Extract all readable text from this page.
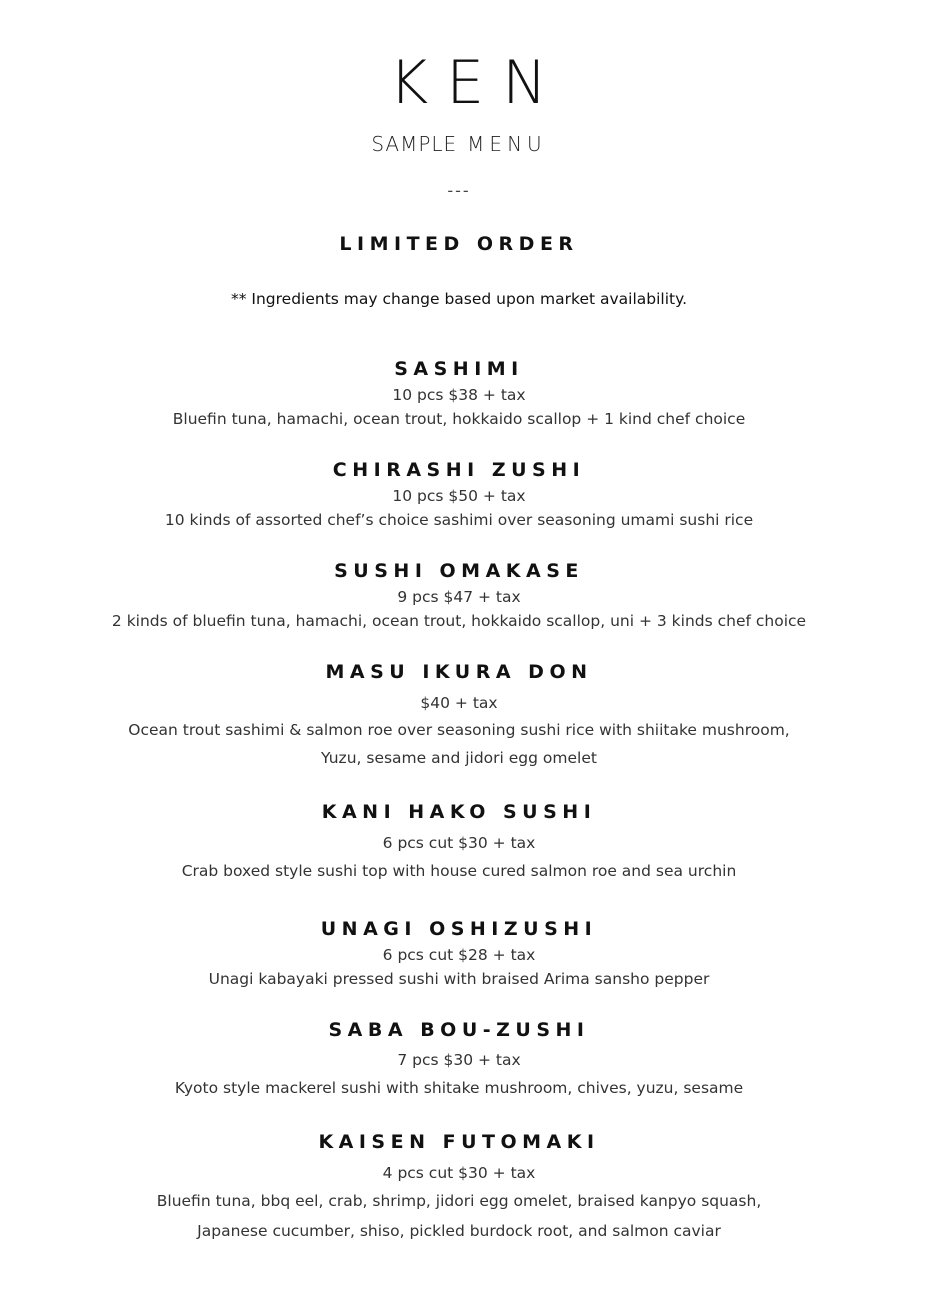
KEN
SAMPLE MENU
---
LIMITED ORDER
** Ingredients may change based upon market availability.
SASHIMI
10 pcs $38 + tax
Bluefin tuna, hamachi, ocean trout, hokkaido scallop + 1 kind chef choice
CHIRASHI ZUSHI
10 pcs $50 + tax
10 kinds of assorted chef’s choice sashimi over seasoning umami sushi rice
SUSHI OMAKASE
9 pcs $47 + tax
2 kinds of bluefin tuna, hamachi, ocean trout, hokkaido scallop, uni + 3 kinds chef choice
MASU IKURA DON
$40 + tax
Ocean trout sashimi & salmon roe over seasoning sushi rice with shiitake mushroom,
Yuzu, sesame and jidori egg omelet
KANI HAKO SUSHI
6 pcs cut $30 + tax
Crab boxed style sushi top with house cured salmon roe and sea urchin
UNAGI OSHIZUSHI
6 pcs cut $28 + tax
Unagi kabayaki pressed sushi with braised Arima sansho pepper
SABA BOU-ZUSHI
7 pcs $30 + tax
Kyoto style mackerel sushi with shitake mushroom, chives, yuzu, sesame
KAISEN FUTOMAKI
4 pcs cut $30 + tax
Bluefin tuna, bbq eel, crab, shrimp, jidori egg omelet, braised kanpyo squash,
Japanese cucumber, shiso, pickled burdock root, and salmon caviar
